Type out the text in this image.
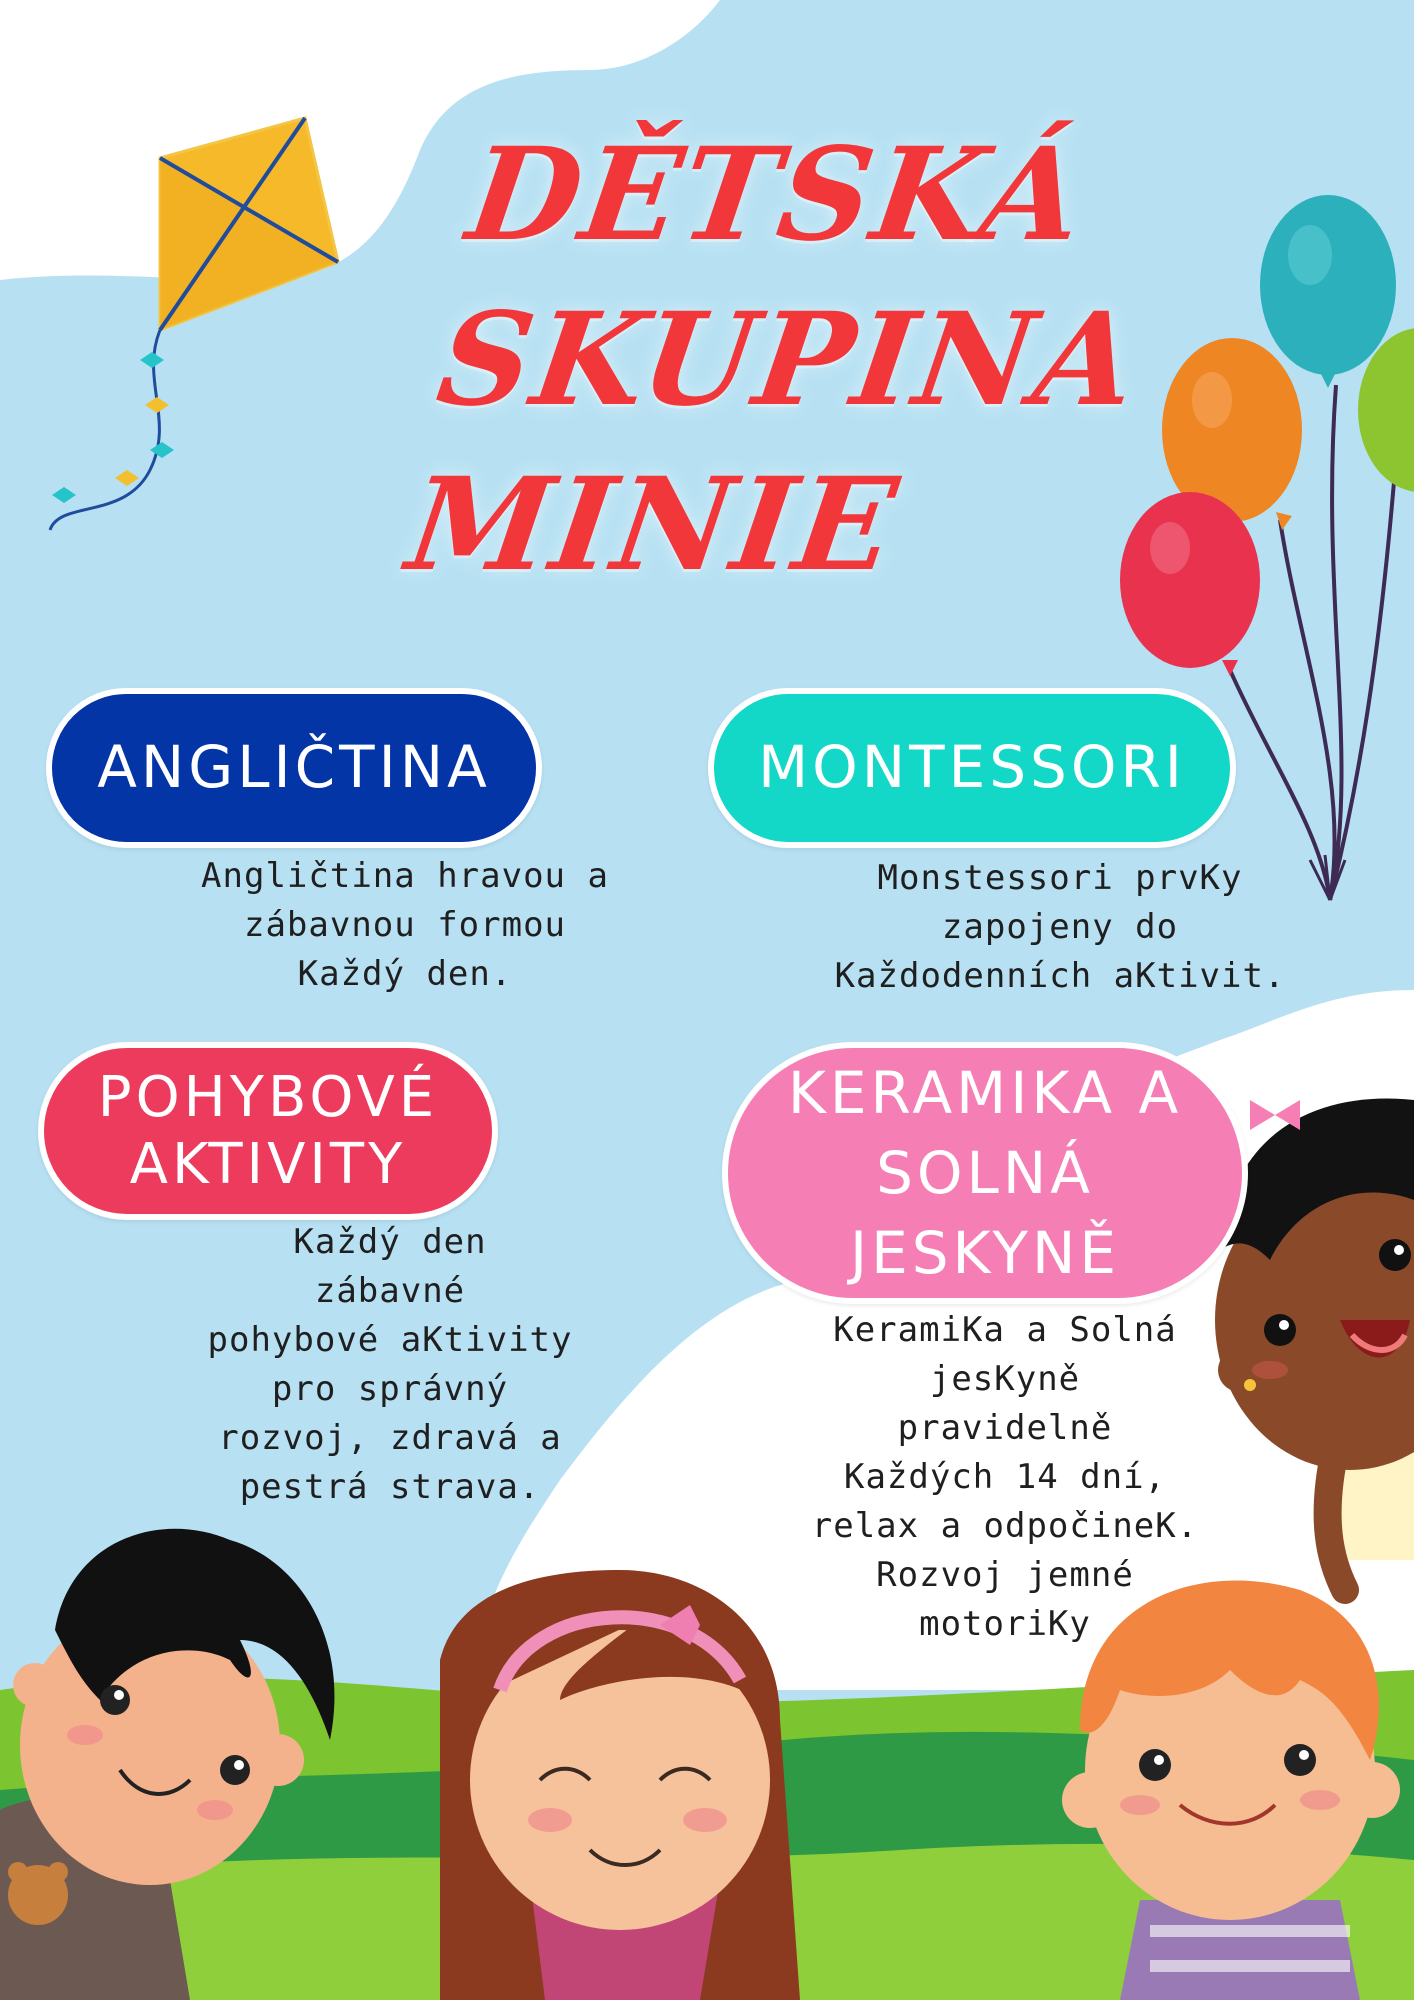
DĚTSKÁ
SKUPINA
MINIE
ANGLIČTINA
Angličtina hravou a
zábavnou formou
Každý den.
MONTESSORI
Monstessori prvKy
zapojeny do
Každodenních aKtivit.
POHYBOVÉ
AKTIVITY
Každý den
zábavné
pohybové aKtivity
pro správný
rozvoj, zdravá a
pestrá strava.
KERAMIKA A
SOLNÁ
JESKYNĚ
KeramiKa a Solná
jesKyně
pravidelně
Každých 14 dní,
relax a odpočineK.
Rozvoj jemné
motoriKy
